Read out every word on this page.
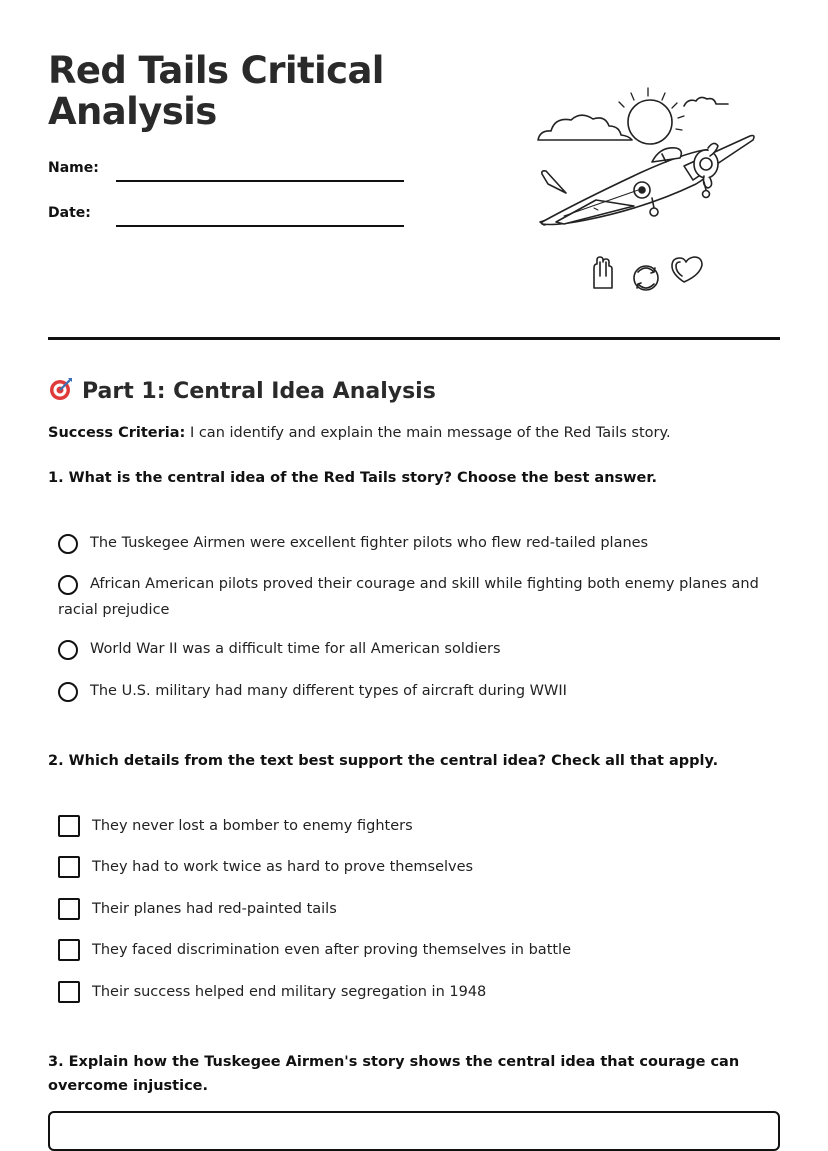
Red Tails Critical Analysis
Name:
Date:
Part 1: Central Idea Analysis
Success Criteria: I can identify and explain the main message of the Red Tails story.
1. What is the central idea of the Red Tails story? Choose the best answer.
The Tuskegee Airmen were excellent fighter pilots who flew red-tailed planes
African American pilots proved their courage and skill while fighting both enemy planes and racial prejudice
World War II was a difficult time for all American soldiers
The U.S. military had many different types of aircraft during WWII
2. Which details from the text best support the central idea? Check all that apply.
They never lost a bomber to enemy fighters
They had to work twice as hard to prove themselves
Their planes had red-painted tails
They faced discrimination even after proving themselves in battle
Their success helped end military segregation in 1948
3. Explain how the Tuskegee Airmen's story shows the central idea that courage can overcome injustice.
